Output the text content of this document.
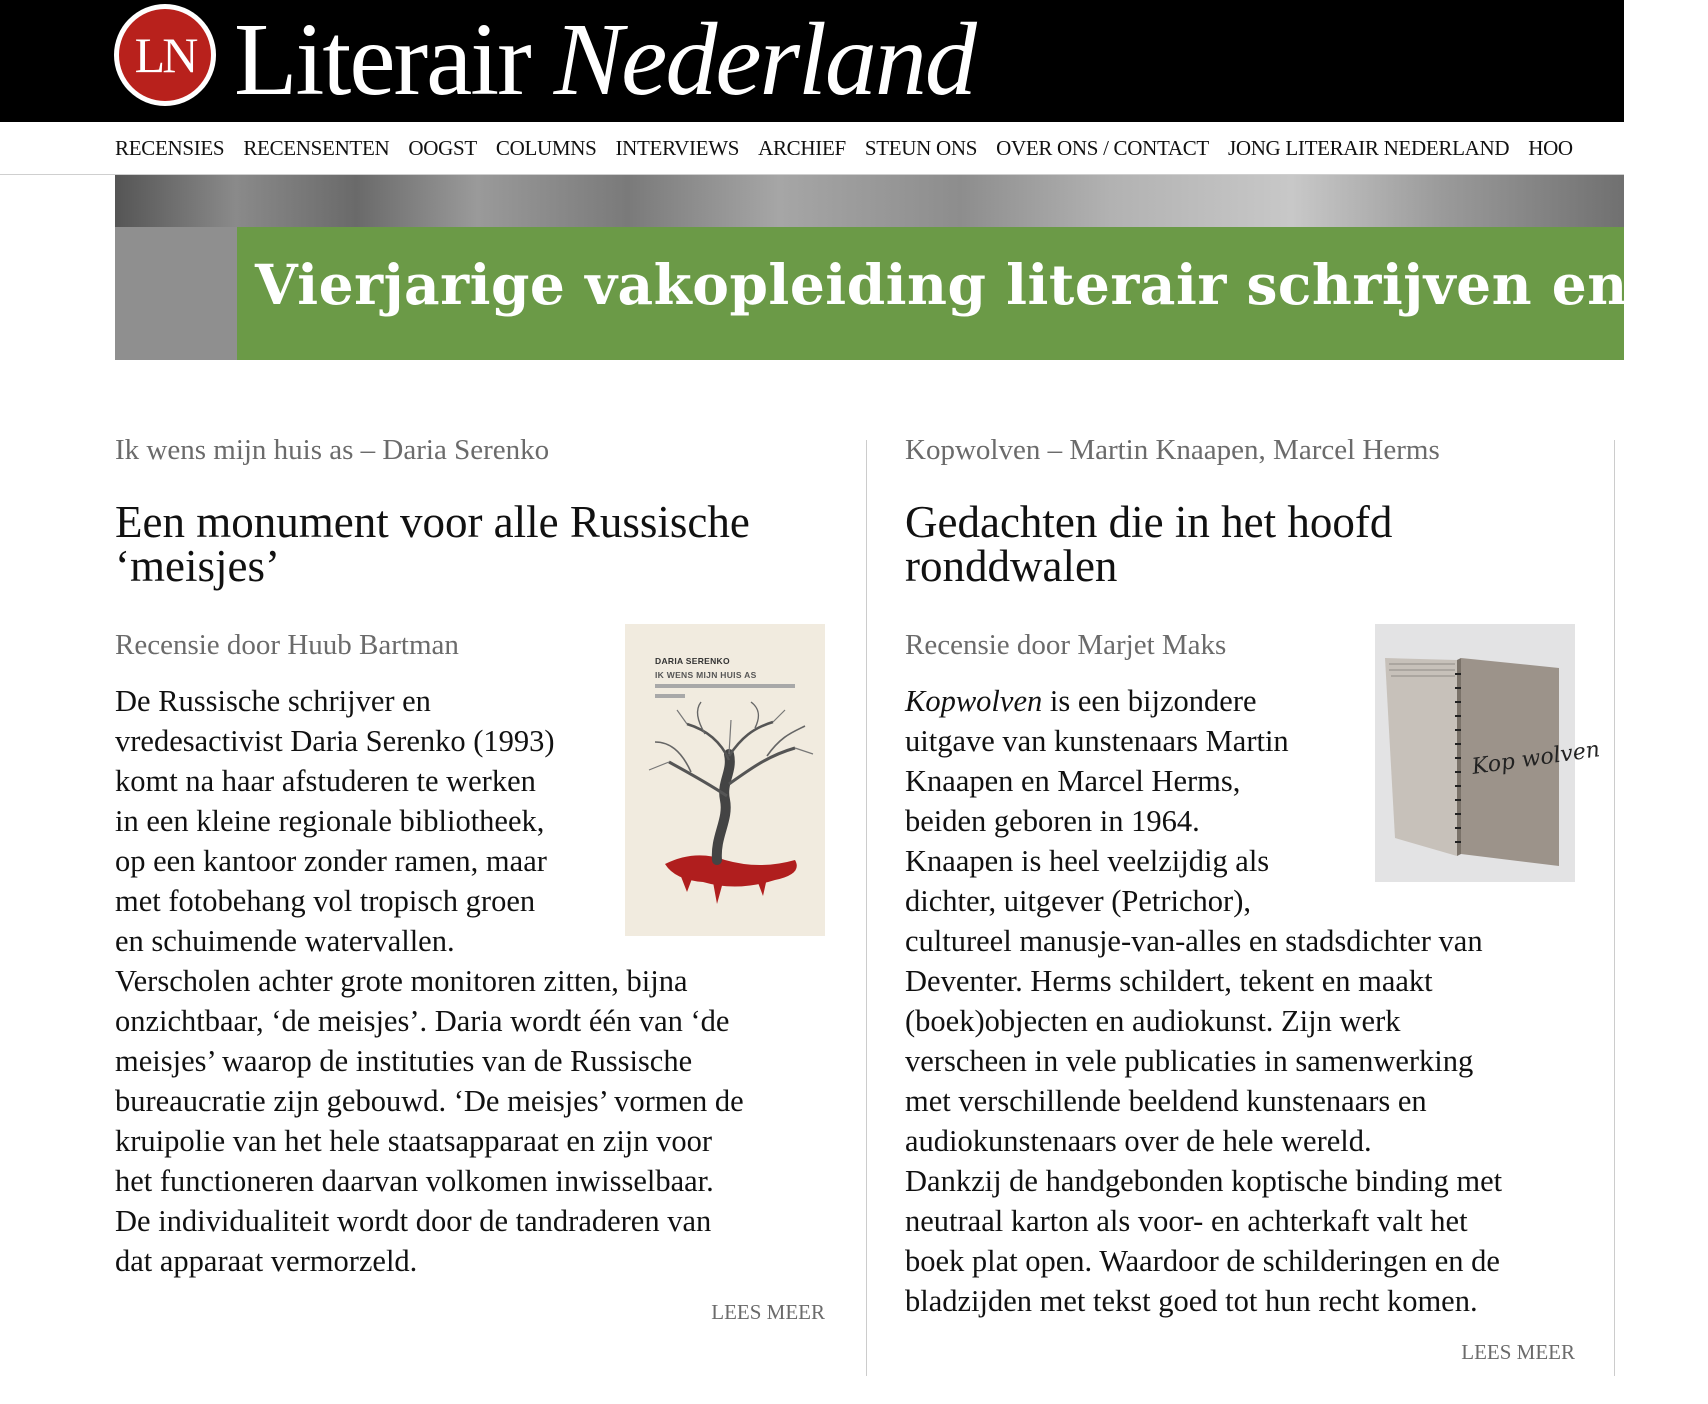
LN Literair Nederland
RECENSIES RECENSENTEN OOGST COLUMNS INTERVIEWS ARCHIEF STEUN ONS OVER ONS / CONTACT JONG LITERAIR NEDERLAND HOO
Vierjarige vakopleiding literair schrijven en di
Ik wens mijn huis as – Daria Serenko
Een monument voor alle Russische
‘meisjes’
Recensie door Huub Bartman
De Russische schrijver en
vredesactivist Daria Serenko (1993)
komt na haar afstuderen te werken
in een kleine regionale bibliotheek,
op een kantoor zonder ramen, maar
met fotobehang vol tropisch groen
en schuimende watervallen.
Verscholen achter grote monitoren zitten, bijna
onzichtbaar, ‘de meisjes’. Daria wordt één van ‘de
meisjes’ waarop de instituties van de Russische
bureaucratie zijn gebouwd. ‘De meisjes’ vormen de
kruipolie van het hele staatsapparaat en zijn voor
het functioneren daarvan volkomen inwisselbaar.
De individualiteit wordt door de tandraderen van
dat apparaat vermorzeld.
LEES MEER
DARIA SERENKO
IK WENS MIJN HUIS AS
Kopwolven – Martin Knaapen, Marcel Herms
Gedachten die in het hoofd
ronddwalen
Recensie door Marjet Maks
Kopwolven is een bijzondere
uitgave van kunstenaars Martin
Knaapen en Marcel Herms,
beiden geboren in 1964.
Knaapen is heel veelzijdig als
dichter, uitgever (Petrichor),
cultureel manusje-van-alles en stadsdichter van
Deventer. Herms schildert, tekent en maakt
(boek)objecten en audiokunst. Zijn werk
verscheen in vele publicaties in samenwerking
met verschillende beeldend kunstenaars en
audiokunstenaars over de hele wereld.
Dankzij de handgebonden koptische binding met
neutraal karton als voor- en achterkaft valt het
boek plat open. Waardoor de schilderingen en de
bladzijden met tekst goed tot hun recht komen.
LEES MEER
Kop wolven
